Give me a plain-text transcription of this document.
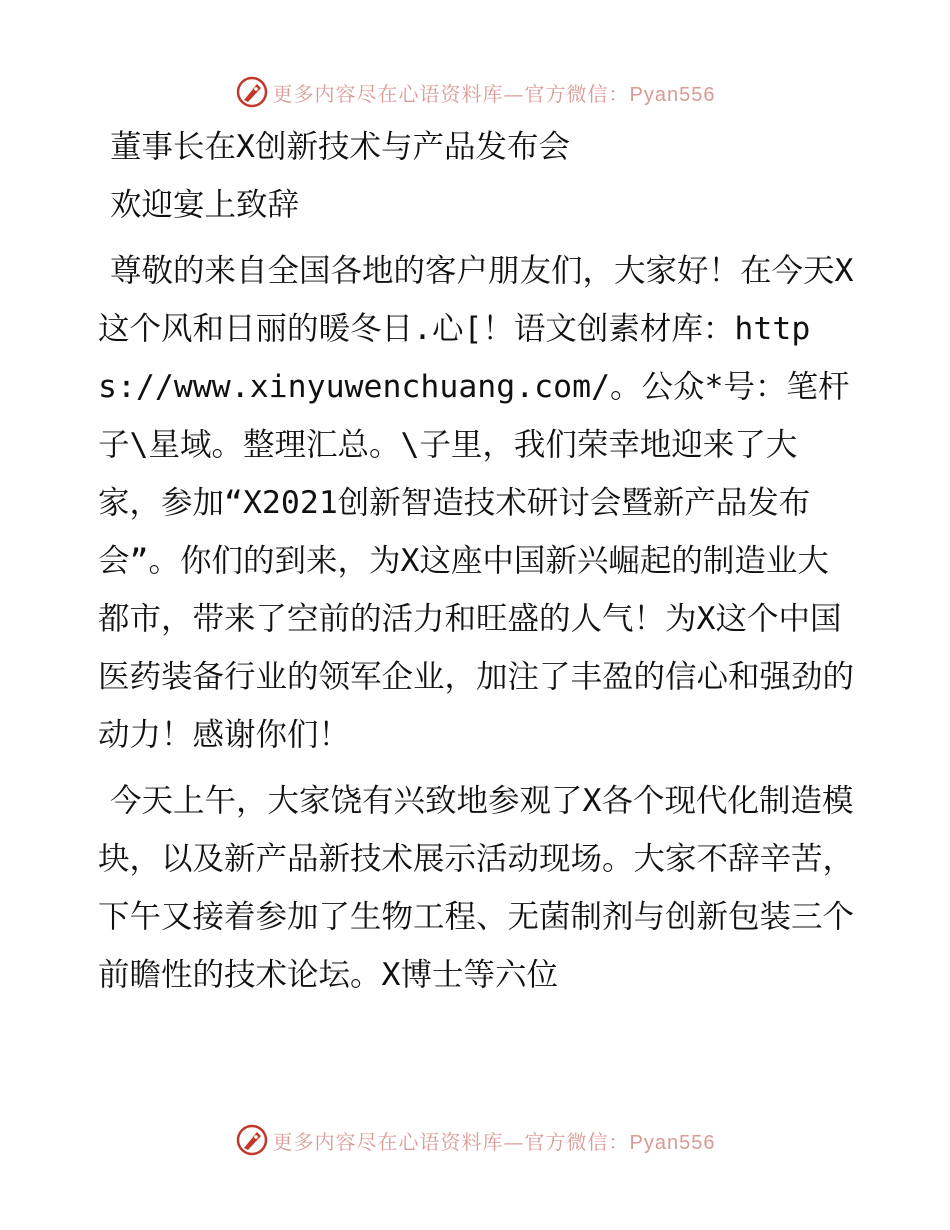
更多内容尽在心语资料库—官方微信：Pyan556

董事长在X创新技术与产品发布会

欢迎宴上致辞

尊敬的来自全国各地的客户朋友们，大家好！在今天X这个风和日丽的暖冬日.心[！语文创素材库：https://www.xinyuwenchuang.com/。公众*号：笔杆子\星域。整理汇总。\子里，我们荣幸地迎来了大家，参加“X2021创新智造技术研讨会暨新产品发布会”。你们的到来，为X这座中国新兴崛起的制造业大都市，带来了空前的活力和旺盛的人气！为X这个中国医药装备行业的领军企业，加注了丰盈的信心和强劲的动力！感谢你们！

今天上午，大家饶有兴致地参观了X各个现代化制造模块，以及新产品新技术展示活动现场。大家不辞辛苦，下午又接着参加了生物工程、无菌制剂与创新包装三个前瞻性的技术论坛。X博士等六位

更多内容尽在心语资料库—官方微信：Pyan556
